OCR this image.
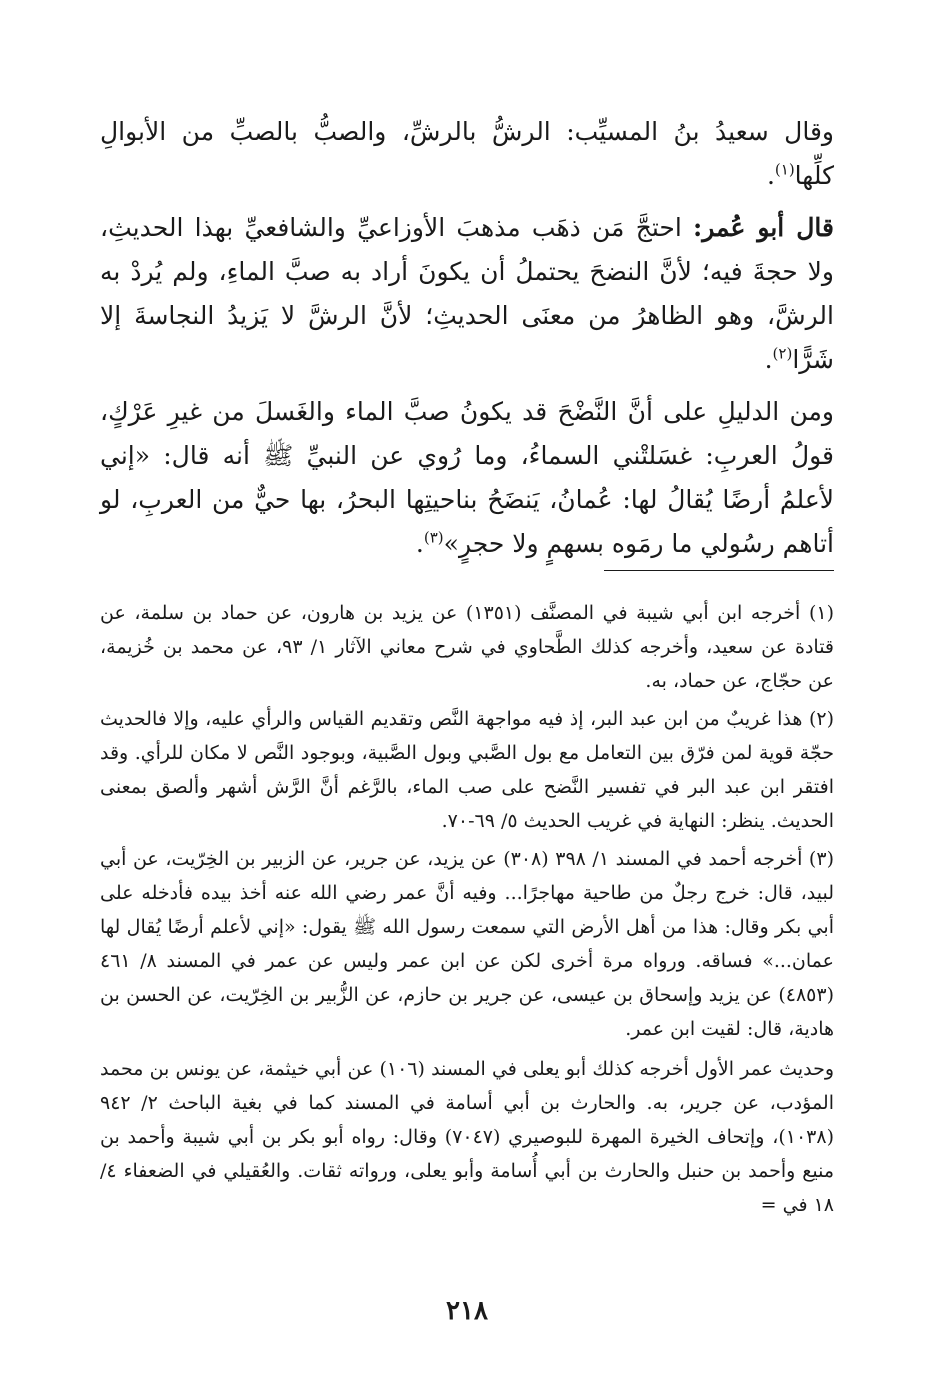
وقال سعيدُ بنُ المسيِّب: الرشُّ بالرشِّ، والصبُّ بالصبِّ من الأبوالِ كلِّها$^{(١)}$.

قال أبو عُمر: احتجَّ مَن ذهَب مذهبَ الأوزاعيِّ والشافعيِّ بهذا الحديثِ، ولا حجةَ فيه؛ لأنَّ النضحَ يحتملُ أن يكونَ أراد به صبَّ الماءِ، ولم يُردْ به الرشَّ، وهو الظاهرُ من معنَى الحديثِ؛ لأنَّ الرشَّ لا يَزيدُ النجاسةَ إلا شَرًّا$^{(٢)}$.

ومن الدليلِ على أنَّ النَّضْحَ قد يكونُ صبَّ الماء والغَسلَ من غيرِ عَرْكٍ، قولُ العربِ: غسَلتْني السماءُ، وما رُوي عن النبيِّ ﷺ أنه قال: «إني لأعلمُ أرضًا يُقالُ لها: عُمانُ، يَنضَحُ بناحيتِها البحرُ، بها حيٌّ من العربِ، لو أتاهم رسُولي ما رمَوه بسهمٍ ولا حجرٍ»$^{(٣)}$.

(١) أخرجه ابن أبي شيبة في المصنَّف (١٣٥١) عن يزيد بن هارون، عن حماد بن سلمة، عن قتادة عن سعيد، وأخرجه كذلك الطَّحاوي في شرح معاني الآثار ١/ ٩٣، عن محمد بن خُزيمة، عن حجّاج، عن حماد، به.

(٢) هذا غريبٌ من ابن عبد البر، إذ فيه مواجهة النَّص وتقديم القياس والرأي عليه، وإلا فالحديث حجّة قوية لمن فرّق بين التعامل مع بول الصَّبي وبول الصَّبية، وبوجود النَّص لا مكان للرأي. وقد افتقر ابن عبد البر في تفسير النَّضح على صب الماء، بالرَّغم أنَّ الرَّش أشهر وألصق بمعنى الحديث. ينظر: النهاية في غريب الحديث ٥/ ٦٩-٧٠.

(٣) أخرجه أحمد في المسند ١/ ٣٩٨ (٣٠٨) عن يزيد، عن جرير، عن الزبير بن الخِرّيت، عن أبي لبيد، قال: خرج رجلٌ من طاحية مهاجرًا... وفيه أنَّ عمر رضي الله عنه أخذ بيده فأدخله على أبي بكر وقال: هذا من أهل الأرض التي سمعت رسول الله ﷺ يقول: «إني لأعلم أرضًا يُقال لها عمان...» فساقه. ورواه مرة أخرى لكن عن ابن عمر وليس عن عمر في المسند ٨/ ٤٦١ (٤٨٥٣) عن يزيد وإسحاق بن عيسى، عن جرير بن حازم، عن الزُّبير بن الخِرّيت، عن الحسن بن هادية، قال: لقيت ابن عمر.

وحديث عمر الأول أخرجه كذلك أبو يعلى في المسند (١٠٦) عن أبي خيثمة، عن يونس بن محمد المؤدب، عن جرير، به. والحارث بن أبي أسامة في المسند كما في بغية الباحث ٢/ ٩٤٢ (١٠٣٨)، وإتحاف الخيرة المهرة للبوصيري (٧٠٤٧) وقال: رواه أبو بكر بن أبي شيبة وأحمد بن منيع وأحمد بن حنبل والحارث بن أبي أُسامة وأبو يعلى، ورواته ثقات. والعُقيلي في الضعفاء ٤/ ١٨ في =

٢١٨
